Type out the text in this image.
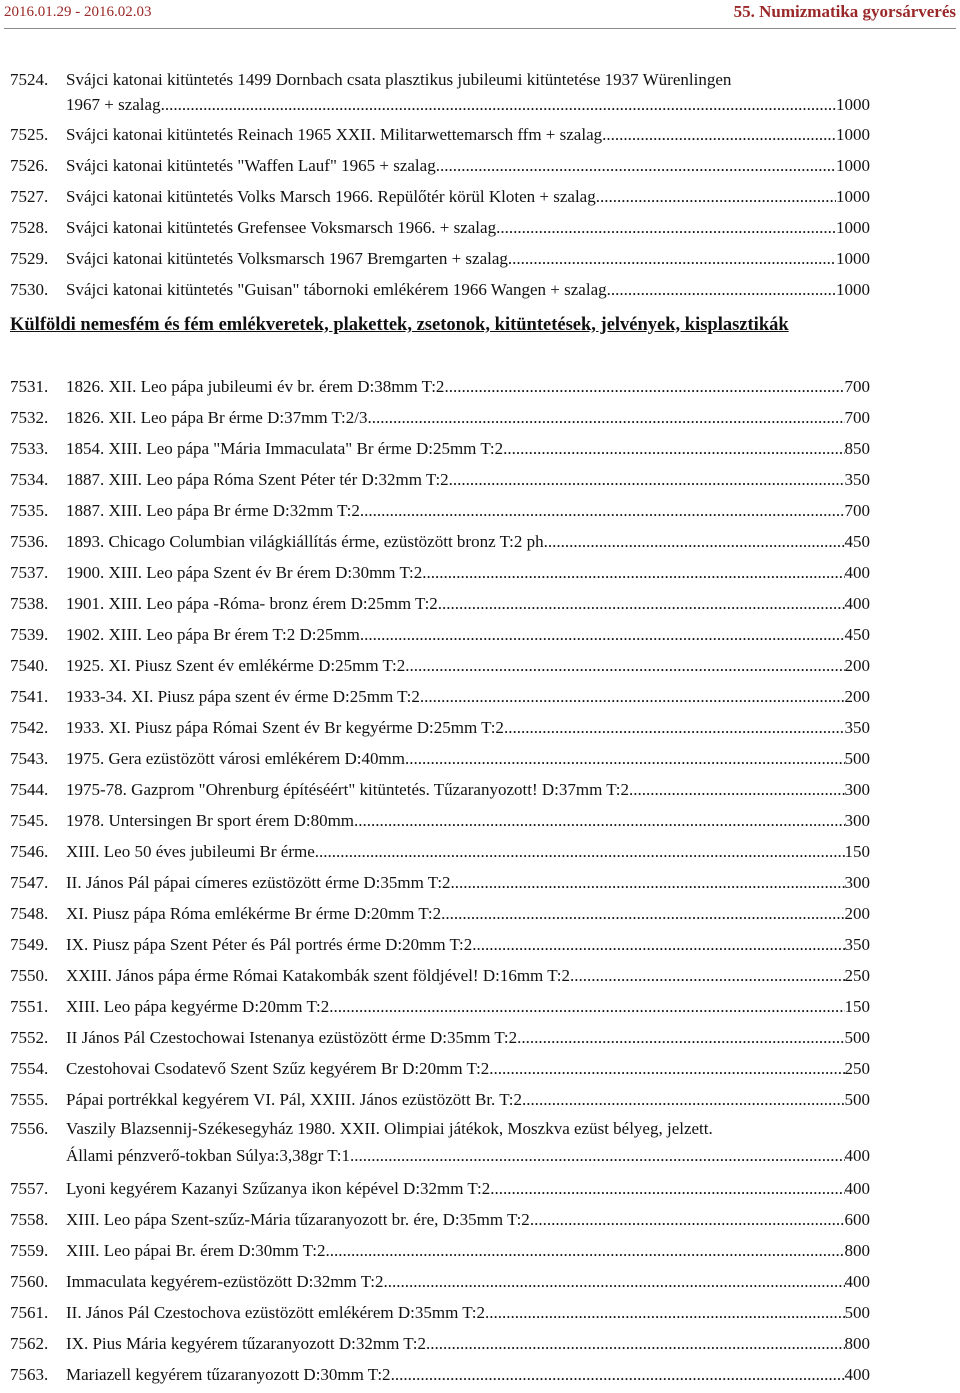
2016.01.29 - 2016.02.03	55. Numizmatika gyorsárverés
7524.	Svájci katonai kitüntetés 1499 Dornbach csata plasztikus jubileumi kitüntetése 1937 Würenlingen
1967 + szalag .....	1000
7525.	Svájci katonai kitüntetés Reinach 1965 XXII. Militarwettemarsch ffm + szalag .....	1000
7526.	Svájci katonai kitüntetés "Waffen Lauf" 1965 + szalag .....	1000
7527.	Svájci katonai kitüntetés Volks Marsch 1966. Repülőtér körül Kloten + szalag .....	1000
7528.	Svájci katonai kitüntetés Grefensee Voksmarsch 1966. + szalag .....	1000
7529.	Svájci katonai kitüntetés Volksmarsch 1967 Bremgarten + szalag .....	1000
7530.	Svájci katonai kitüntetés "Guisan" tábornoki emlékérem 1966 Wangen + szalag .....	1000
Külföldi nemesfém és fém emlékveretek, plakettek, zsetonok, kitüntetések, jelvények, kisplasztikák
7531.	1826. XII. Leo pápa jubileumi év br. érem D:38mm T:2 .....	700
7532.	1826. XII. Leo pápa Br érme D:37mm T:2/3 .....	700
7533.	1854. XIII. Leo pápa "Mária Immaculata" Br érme D:25mm T:2 .....	850
7534.	1887. XIII. Leo pápa Róma Szent Péter tér D:32mm T:2 .....	350
7535.	1887. XIII. Leo pápa Br érme D:32mm T:2 .....	700
7536.	1893. Chicago Columbian világkiállítás érme, ezüstözött bronz T:2 ph .....	450
7537.	1900. XIII. Leo pápa Szent év Br érem D:30mm T:2 .....	400
7538.	1901. XIII. Leo pápa -Róma- bronz érem D:25mm T:2 .....	400
7539.	1902. XIII. Leo pápa Br érem T:2 D:25mm .....	450
7540.	1925. XI. Piusz Szent év emlékérme D:25mm T:2 .....	200
7541.	1933-34. XI. Piusz pápa szent év érme D:25mm T:2 .....	200
7542.	1933. XI. Piusz pápa Római Szent év Br kegyérme D:25mm T:2 .....	350
7543.	1975. Gera ezüstözött városi emlékérem D:40mm .....	500
7544.	1975-78. Gazprom "Ohrenburg építéséért" kitüntetés. Tűzaranyozott! D:37mm T:2 .....	300
7545.	1978. Untersingen Br sport érem D:80mm .....	300
7546.	XIII. Leo 50 éves jubileumi Br érme .....	150
7547.	II. János Pál pápai címeres ezüstözött érme D:35mm T:2 .....	300
7548.	XI. Piusz pápa Róma emlékérme Br érme D:20mm T:2 .....	200
7549.	IX. Piusz pápa Szent Péter és Pál portrés érme D:20mm T:2 .....	350
7550.	XXIII. János pápa érme Római Katakombák szent földjével! D:16mm T:2 .....	250
7551.	XIII. Leo pápa kegyérme D:20mm T:2 .....	150
7552.	II János Pál Czestochowai Istenanya ezüstözött érme D:35mm T:2 .....	500
7554.	Czestohovai Csodatevő Szent Szűz kegyérem Br D:20mm T:2 .....	250
7555.	Pápai portrékkal kegyérem VI. Pál, XXIII. János ezüstözött Br. T:2 .....	500
7556.	Vaszily Blazsennij-Székesegyház 1980. XXII. Olimpiai játékok, Moszkva ezüst bélyeg, jelzett.
Állami pénzverő-tokban Súlya:3,38gr T:1 .....	400
7557.	Lyoni kegyérem Kazanyi Szűzanya ikon képével D:32mm T:2 .....	400
7558.	XIII. Leo pápa Szent-szűz-Mária tűzaranyozott br. ére, D:35mm T:2 .....	600
7559.	XIII. Leo pápai Br. érem D:30mm T:2 .....	800
7560.	Immaculata kegyérem-ezüstözött D:32mm T:2 .....	400
7561.	II. János Pál Czestochova ezüstözött emlékérem D:35mm T:2 .....	500
7562.	IX. Pius Mária kegyérem tűzaranyozott D:32mm T:2 .....	800
7563.	Mariazell kegyérem tűzaranyozott D:30mm T:2 .....	400
